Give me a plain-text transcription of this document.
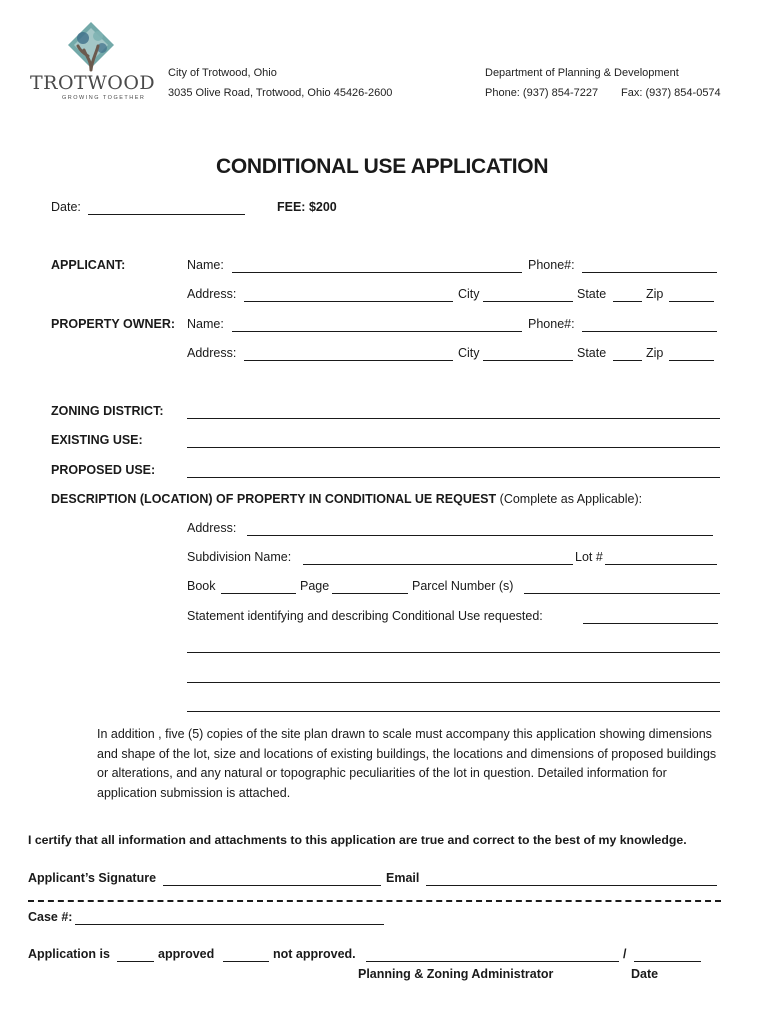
TROTWOOD
GROWING TOGETHER
City of Trotwood, Ohio
3035 Olive Road, Trotwood, Ohio 45426-2600
Department of Planning & Development
Phone: (937) 854-7227 Fax: (937) 854-0574
CONDITIONAL USE APPLICATION
Date:	FEE: $200
APPLICANT:	Name:	Phone#:
Address:	City	State	Zip
PROPERTY OWNER: Name:	Phone#:
Address:	City	State	Zip
ZONING DISTRICT:
EXISTING USE:
PROPOSED USE:
DESCRIPTION (LOCATION) OF PROPERTY IN CONDITIONAL UE REQUEST (Complete as Applicable):
Address:
Subdivision Name:	Lot #
Book	Page	Parcel Number (s)
Statement identifying and describing Conditional Use requested:
In addition , five (5) copies of the site plan drawn to scale must accompany this application showing dimensions and shape of the lot, size and locations of existing buildings, the locations and dimensions of proposed buildings or alterations, and any natural or topographic peculiarities of the lot in question. Detailed information for application submission is attached.
I certify that all information and attachments to this application are true and correct to the best of my knowledge.
Applicant’s Signature	Email
Case #:
Application is	approved	not approved.	/
Planning & Zoning Administrator	Date
